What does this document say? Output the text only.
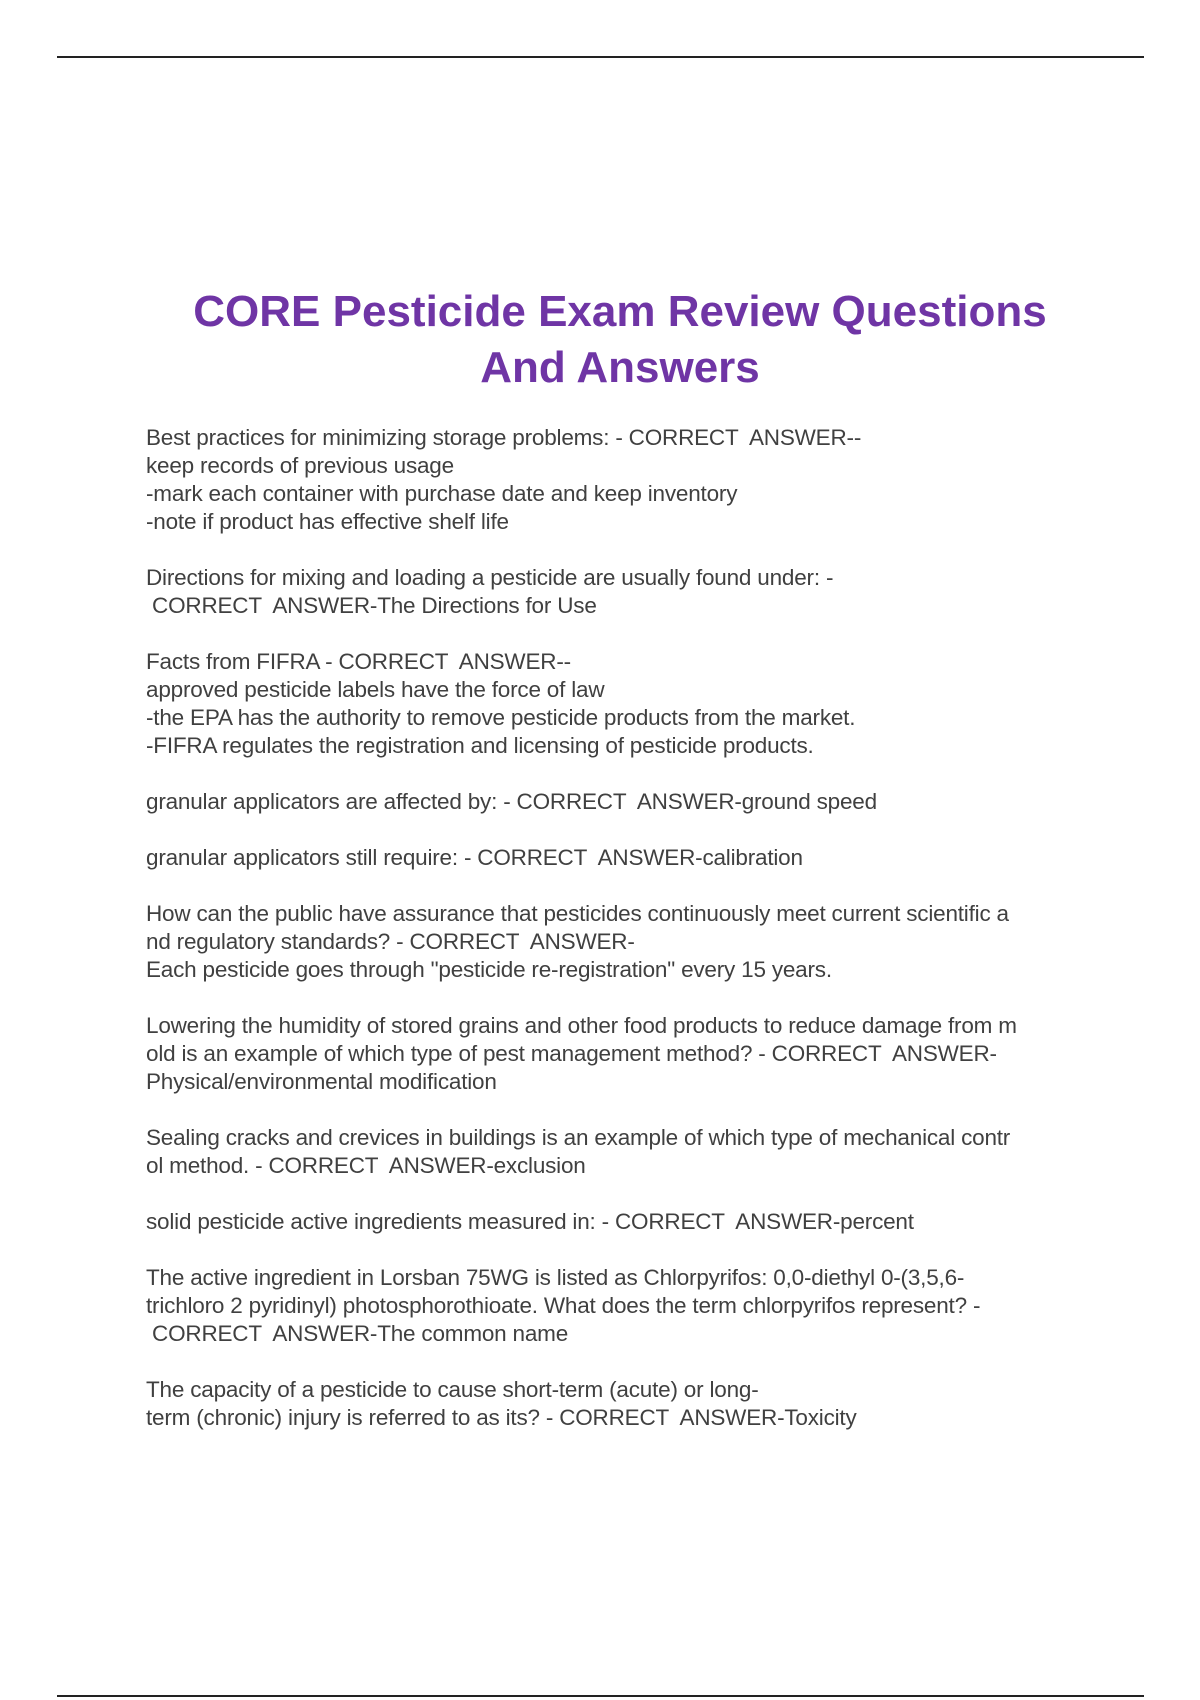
CORE Pesticide Exam Review Questions
And Answers

Best practices for minimizing storage problems: - CORRECT  ANSWER--
keep records of previous usage
-mark each container with purchase date and keep inventory
-note if product has effective shelf life

Directions for mixing and loading a pesticide are usually found under: -
CORRECT  ANSWER-The Directions for Use

Facts from FIFRA - CORRECT  ANSWER--
approved pesticide labels have the force of law
-the EPA has the authority to remove pesticide products from the market.
-FIFRA regulates the registration and licensing of pesticide products.

granular applicators are affected by: - CORRECT  ANSWER-ground speed

granular applicators still require: - CORRECT  ANSWER-calibration

How can the public have assurance that pesticides continuously meet current scientific a
nd regulatory standards? - CORRECT  ANSWER-
Each pesticide goes through "pesticide re-registration" every 15 years.

Lowering the humidity of stored grains and other food products to reduce damage from m
old is an example of which type of pest management method? - CORRECT  ANSWER-
Physical/environmental modification

Sealing cracks and crevices in buildings is an example of which type of mechanical contr
ol method. - CORRECT  ANSWER-exclusion

solid pesticide active ingredients measured in: - CORRECT  ANSWER-percent

The active ingredient in Lorsban 75WG is listed as Chlorpyrifos: 0,0-diethyl 0-(3,5,6-
trichloro 2 pyridinyl) photosphorothioate. What does the term chlorpyrifos represent? -
CORRECT  ANSWER-The common name

The capacity of a pesticide to cause short-term (acute) or long-
term (chronic) injury is referred to as its? - CORRECT  ANSWER-Toxicity
